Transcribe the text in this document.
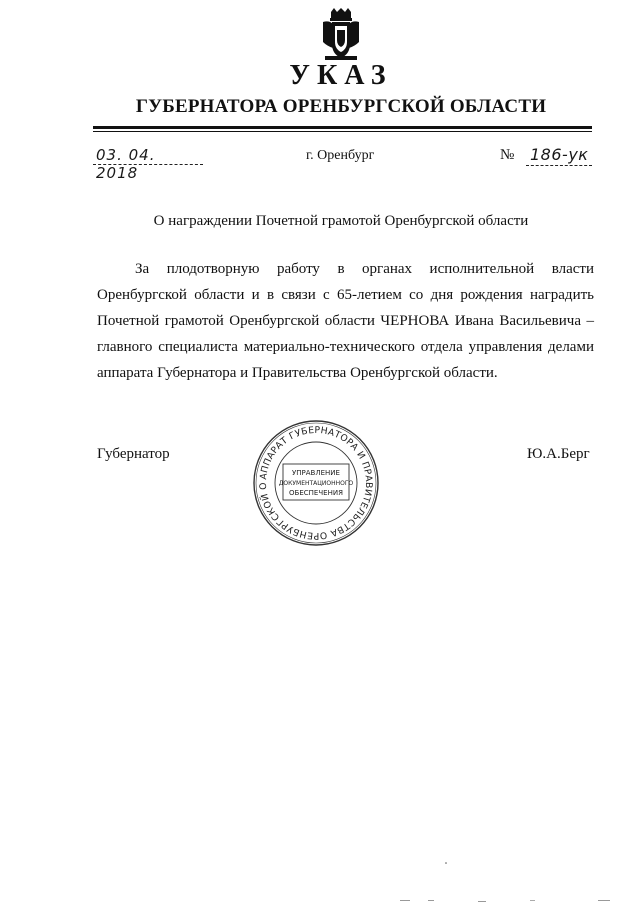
УКАЗ
ГУБЕРНАТОРА ОРЕНБУРГСКОЙ ОБЛАСТИ
03. 04. 2018
г. Оренбург	№ 186-ук
О награждении Почетной грамотой Оренбургской области
За плодотворную работу в органах исполнительной власти Оренбургской области и в связи с 65-летием со дня рождения наградить Почетной грамотой Оренбургской области ЧЕРНОВА Ивана Васильевича – главного специалиста материально-технического отдела управления делами аппарата Губернатора и Правительства Оренбургской области.
Губернатор	Ю.А.Берг
АППАРАТ ГУБЕРНАТОРА И ПРАВИТЕЛЬСТВА ОРЕНБУРГСКОЙ О
УПРАВЛЕНИЕ
ДОКУМЕНТАЦИОННОГО
ОБЕСПЕЧЕНИЯ
